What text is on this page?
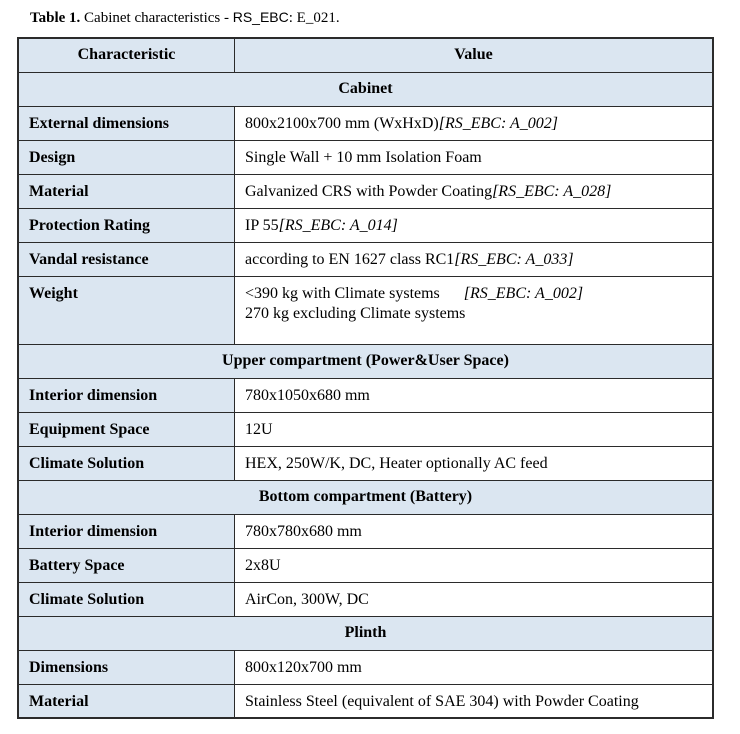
Table 1. Cabinet characteristics - RS_EBC: E_021.
Characteristic	Value
Cabinet	
External dimensions	800x2100x700 mm (WxHxD)[RS_EBC: A_002]
Design	Single Wall + 10 mm Isolation Foam
Material	Galvanized CRS with Powder Coating[RS_EBC: A_028]
Protection Rating	IP 55[RS_EBC: A_014]
Vandal resistance	according to EN 1627 class RC1[RS_EBC: A_033]
Weight	<390 kg with Climate systems [RS_EBC: A_002]
270 kg excluding Climate systems

Upper compartment (Power&User Space)	
Interior dimension	780x1050x680 mm
Equipment Space	12U
Climate Solution	HEX, 250W/K, DC, Heater optionally AC feed
Bottom compartment (Battery)	
Interior dimension	780x780x680 mm
Battery Space	2x8U
Climate Solution	AirCon, 300W, DC
Plinth	
Dimensions	800x120x700 mm
Material	Stainless Steel (equivalent of SAE 304) with Powder Coating
